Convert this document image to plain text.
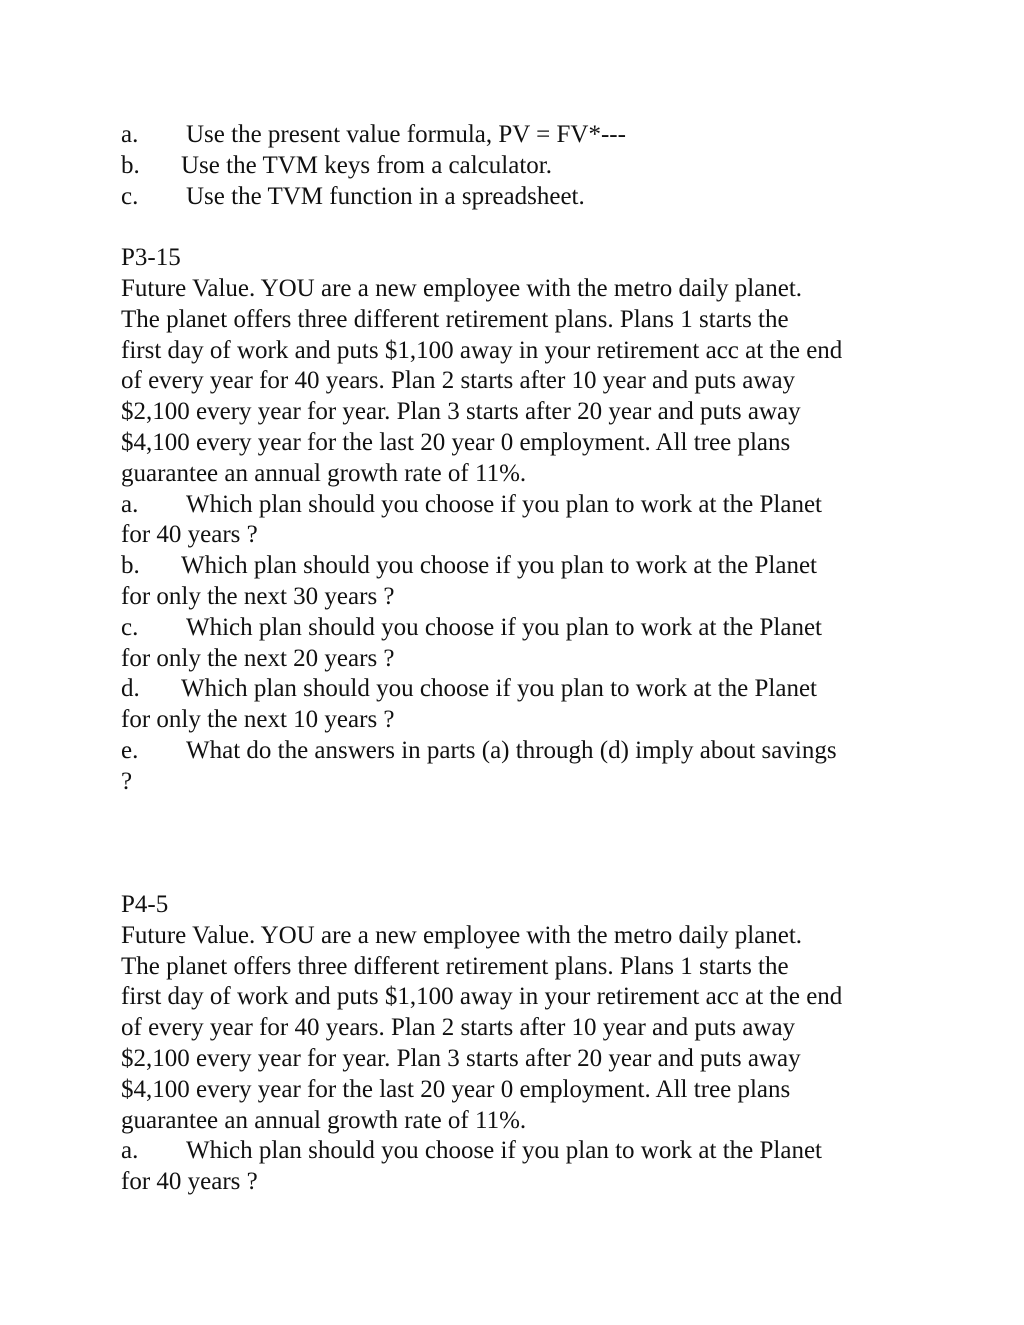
a.	Use the present value formula, PV = FV*---
b.	Use the TVM keys from a calculator.
c.	Use the TVM function in a spreadsheet.
P3-15
Future Value. YOU are a new employee with the metro daily planet.
The planet offers three different retirement plans. Plans 1 starts the
first day of work and puts $1,100 away in your retirement acc at the end
of every year for 40 years. Plan 2 starts after 10 year and puts away
$2,100 every year for year. Plan 3 starts after 20 year and puts away
$4,100 every year for the last 20 year 0 employment. All tree plans
guarantee an annual growth rate of 11%.
a.	Which plan should you choose if you plan to work at the Planet
for 40 years ?
b.	Which plan should you choose if you plan to work at the Planet
for only the next 30 years ?
c.	Which plan should you choose if you plan to work at the Planet
for only the next 20 years ?
d.	Which plan should you choose if you plan to work at the Planet
for only the next 10 years ?
e.	What do the answers in parts (a) through (d) imply about savings
?
P4-5
Future Value. YOU are a new employee with the metro daily planet.
The planet offers three different retirement plans. Plans 1 starts the
first day of work and puts $1,100 away in your retirement acc at the end
of every year for 40 years. Plan 2 starts after 10 year and puts away
$2,100 every year for year. Plan 3 starts after 20 year and puts away
$4,100 every year for the last 20 year 0 employment. All tree plans
guarantee an annual growth rate of 11%.
a.	Which plan should you choose if you plan to work at the Planet
for 40 years ?
